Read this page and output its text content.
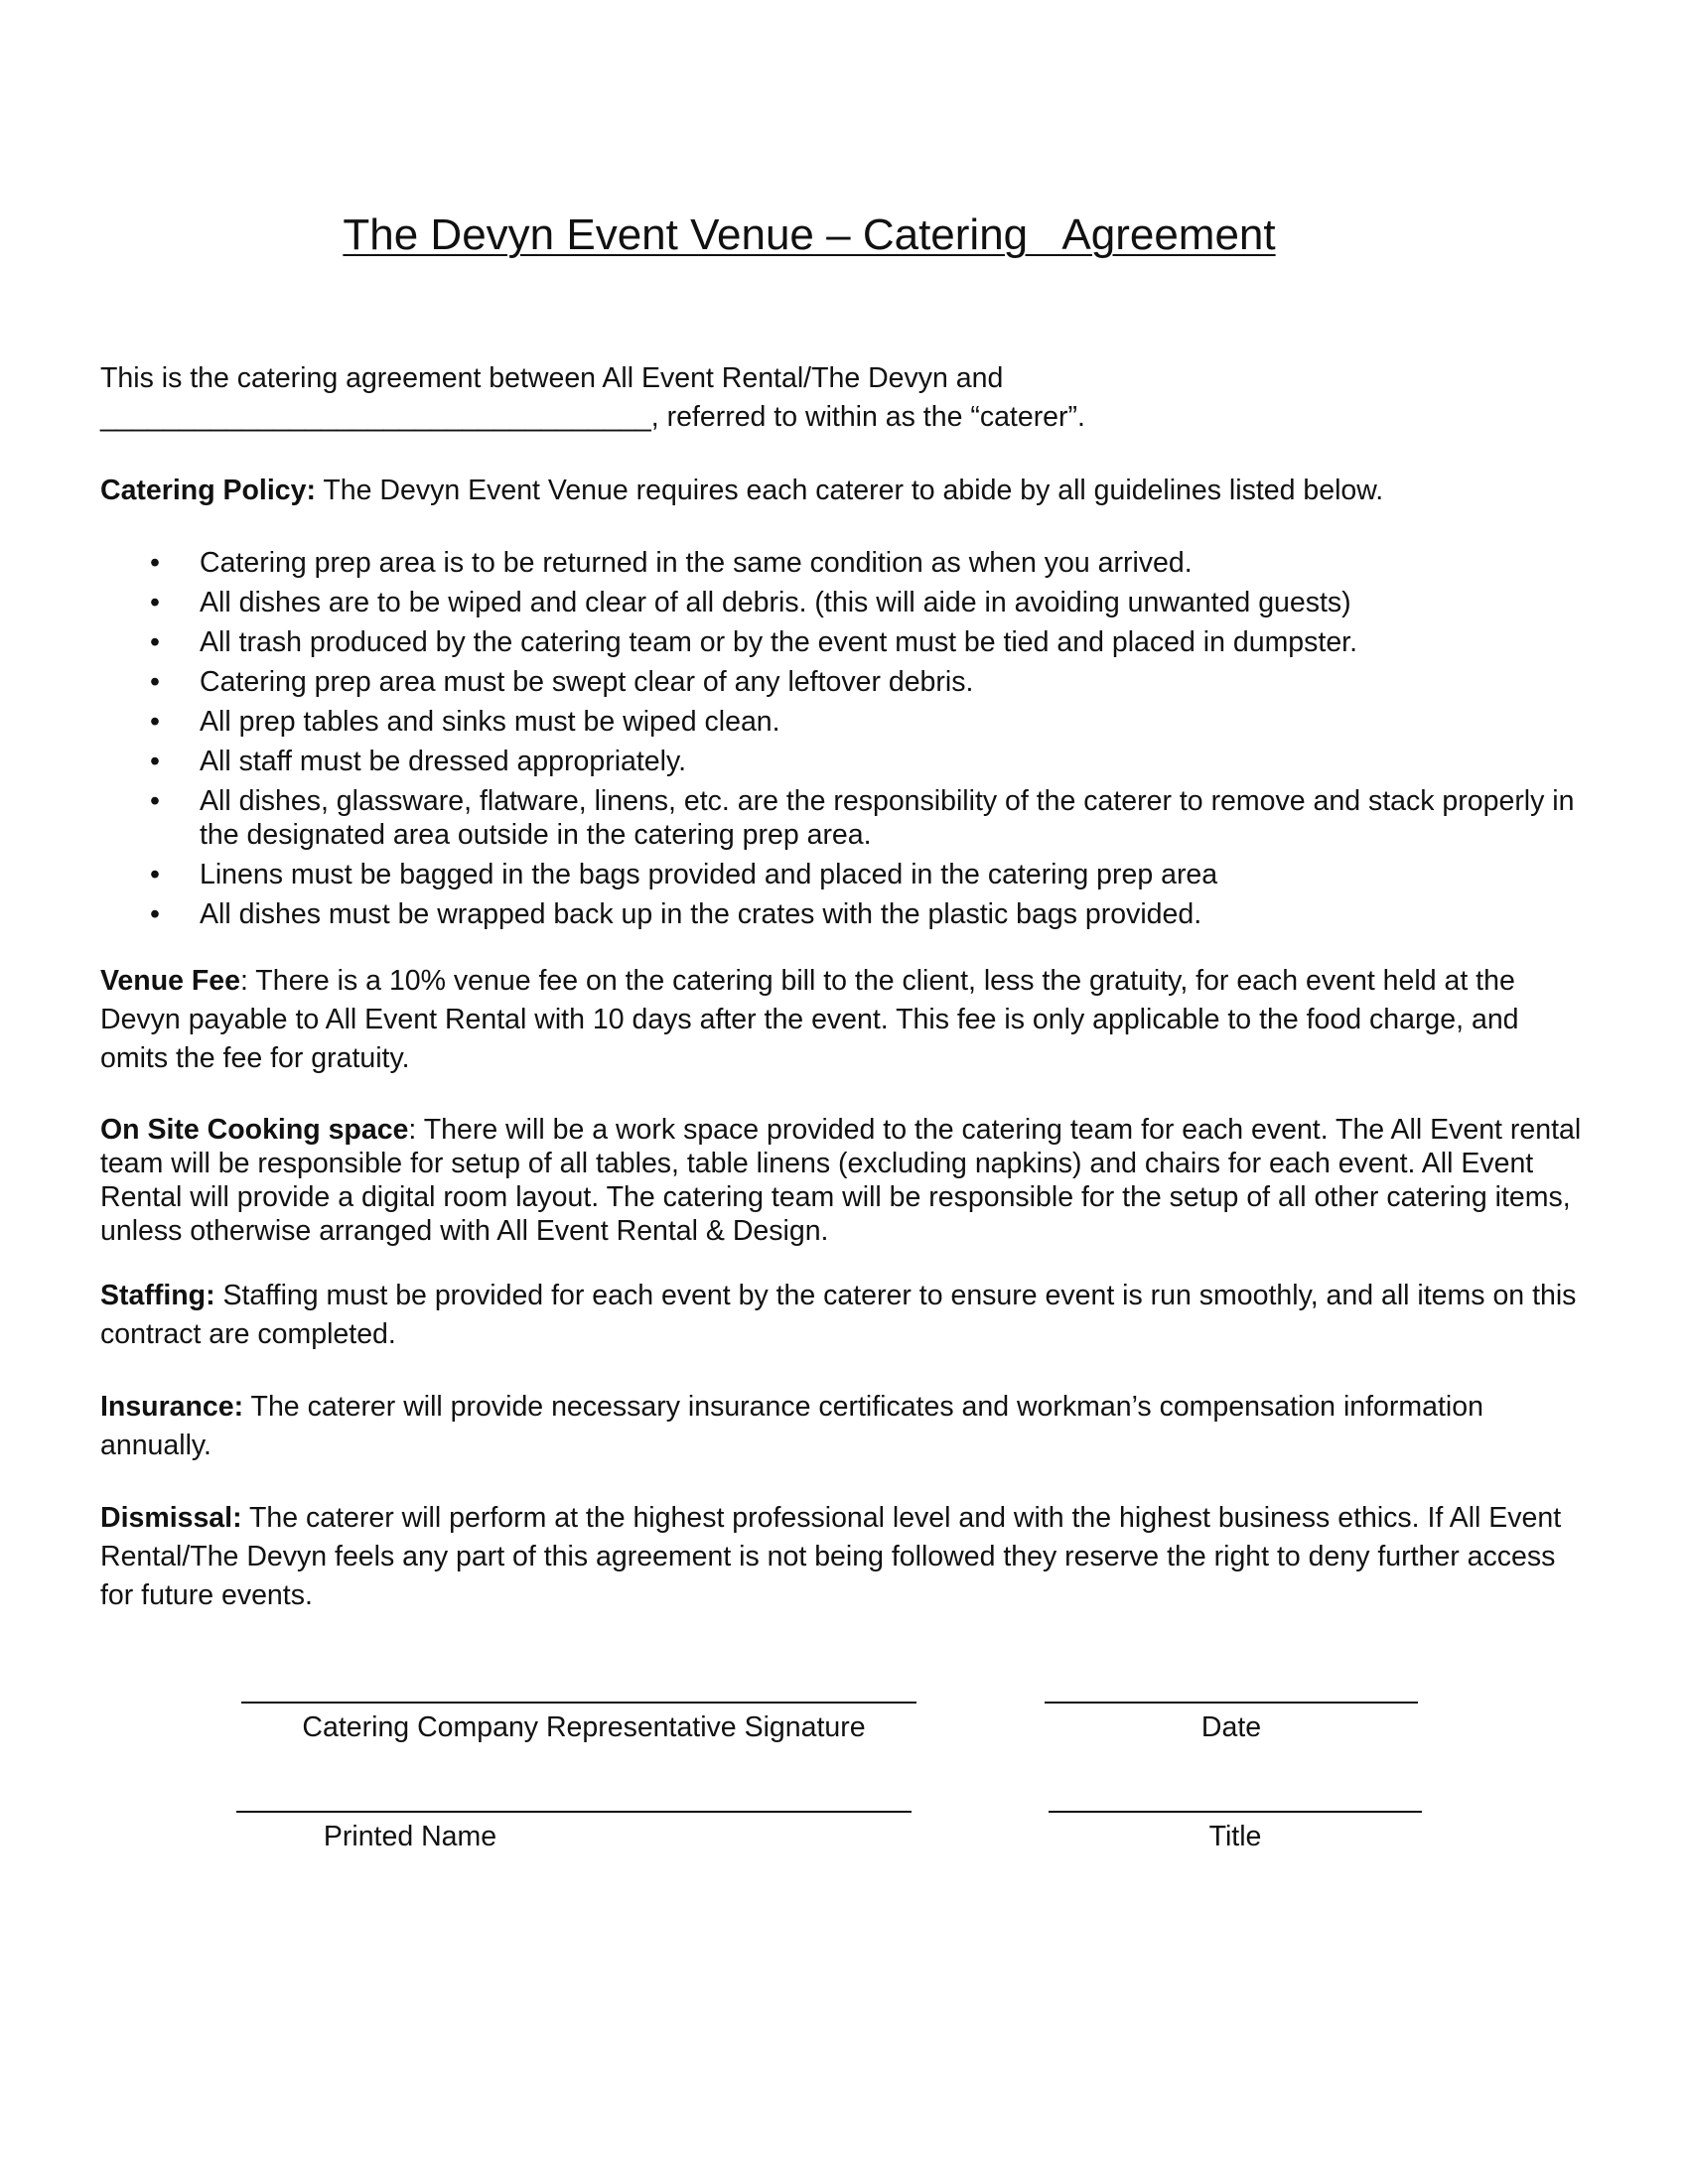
The Devyn Event Venue – Catering   Agreement
This is the catering agreement between All Event Rental/The Devyn and
___________________________________, referred to within as the “caterer”.
Catering Policy: The Devyn Event Venue requires each caterer to abide by all guidelines listed below.
• Catering prep area is to be returned in the same condition as when you arrived.
• All dishes are to be wiped and clear of all debris. (this will aide in avoiding unwanted guests)
• All trash produced by the catering team or by the event must be tied and placed in dumpster.
• Catering prep area must be swept clear of any leftover debris.
• All prep tables and sinks must be wiped clean.
• All staff must be dressed appropriately.
• All dishes, glassware, flatware, linens, etc. are the responsibility of the caterer to remove and stack properly in the designated area outside in the catering prep area.
• Linens must be bagged in the bags provided and placed in the catering prep area
• All dishes must be wrapped back up in the crates with the plastic bags provided.
Venue Fee: There is a 10% venue fee on the catering bill to the client, less the gratuity, for each event held at the Devyn payable to All Event Rental with 10 days after the event. This fee is only applicable to the food charge, and omits the fee for gratuity.
On Site Cooking space: There will be a work space provided to the catering team for each event. The All Event rental team will be responsible for setup of all tables, table linens (excluding napkins) and chairs for each event. All Event Rental will provide a digital room layout. The catering team will be responsible for the setup of all other catering items, unless otherwise arranged with All Event Rental & Design.
Staffing: Staffing must be provided for each event by the caterer to ensure event is run smoothly, and all items on this contract are completed.
Insurance: The caterer will provide necessary insurance certificates and workman’s compensation information annually.
Dismissal: The caterer will perform at the highest professional level and with the highest business ethics. If All Event Rental/The Devyn feels any part of this agreement is not being followed they reserve the right to deny further access for future events.
Catering Company Representative Signature	Date
Printed Name	Title
